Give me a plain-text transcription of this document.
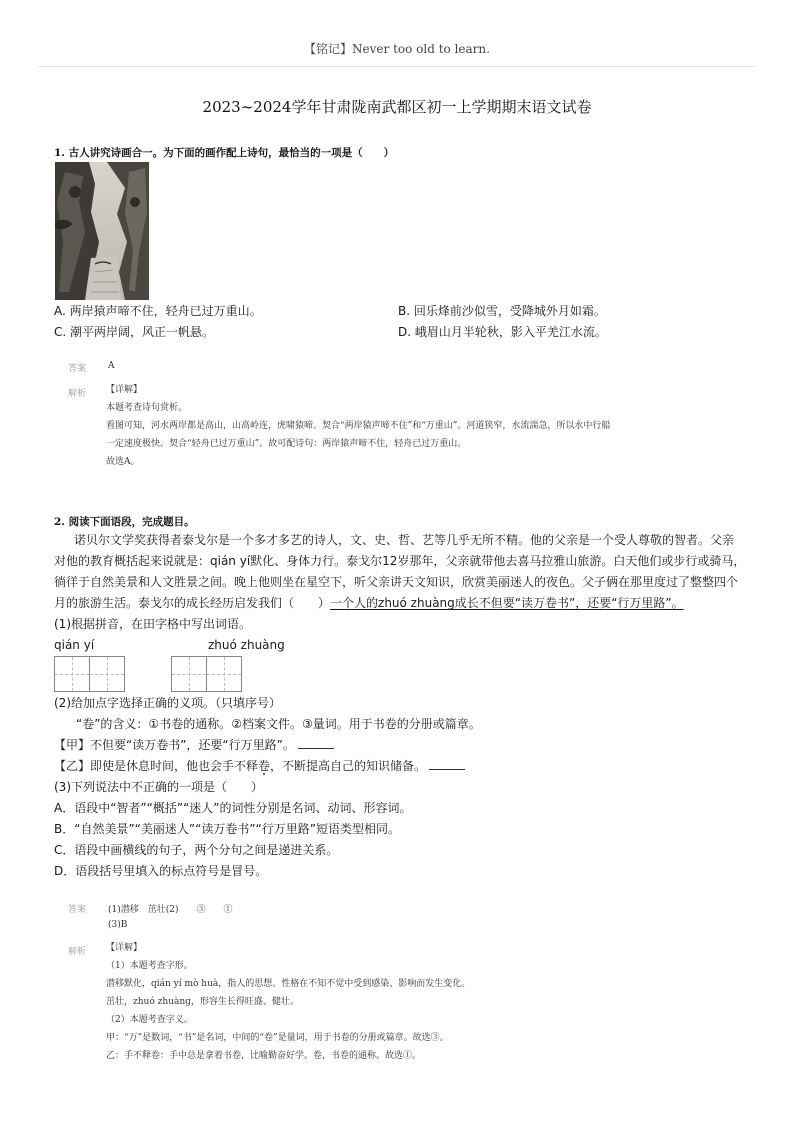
【铭记】Never too old to learn.
2023~2024学年甘肃陇南武都区初一上学期期末语文试卷
1. 古人讲究诗画合一。为下面的画作配上诗句，最恰当的一项是（　　）
A. 两岸猿声啼不住，轻舟已过万重山。	B. 回乐烽前沙似雪，受降城外月如霜。
C. 潮平两岸阔，风正一帆悬。	D. 峨眉山月半轮秋，影入平羌江水流。
答案 A
解析 【详解】
本题考查诗句赏析。
看图可知，河水两岸都是高山，山高岭连，虎啸猿啼。契合“两岸猿声啼不住”和“万重山”。河道狭窄，水流湍急，所以水中行船
一定速度极快。契合“轻舟已过万重山”。故可配诗句：两岸猿声啼不住，轻舟已过万重山。
故选A。
2. 阅读下面语段，完成题目。
诺贝尔文学奖获得者泰戈尔是一个多才多艺的诗人，文、史、哲、艺等几乎无所不精。他的父亲是一个受人尊敬的智者。父亲
对他的教育概括起来说就是：qián yí默化、身体力行。泰戈尔12岁那年，父亲就带他去喜马拉雅山旅游。白天他们或步行或骑马，
徜徉于自然美景和人文胜景之间。晚上他则坐在星空下，听父亲讲天文知识，欣赏美丽迷人的夜色。父子俩在那里度过了整整四个
月的旅游生活。泰戈尔的成长经历启发我们（　　）一个人的zhuó zhuàng成长不但要“读万卷书”，还要“行万里路”。
(1)根据拼音，在田字格中写出词语。
qián yí	zhuó zhuàng
(2)给加点字选择正确的义项。（只填序号）
“卷”的含义：①书卷的通称。②档案文件。③量词。用于书卷的分册或篇章。
【甲】不但要“读万卷书”，还要“行万里路”。
【乙】即使是休息时间，他也会手不释卷，不断提高自己的知识储备。
(3)下列说法中不正确的一项是（　　）
A．语段中“智者”“概括”“迷人”的词性分别是名词、动词、形容词。
B．“自然美景”“美丽迷人”“读万卷书”“行万里路”短语类型相同。
C．语段中画横线的句子，两个分句之间是递进关系。
D．语段括号里填入的标点符号是冒号。
答案 (1)潜移　茁壮(2)　　③　　①
(3)B
解析 【详解】
（1）本题考查字形。
潜移默化，qián yí mò huà，指人的思想、性格在不知不觉中受到感染、影响而发生变化。
茁壮，zhuó zhuàng，形容生长得旺盛、健壮。
（2）本题考查字义。
甲：“万”是数词，“书”是名词，中间的“卷”是量词，用于书卷的分册或篇章。故选③。
乙：手不释卷：手中总是拿着书卷，比喻勤奋好学。卷，书卷的通称。故选①。
